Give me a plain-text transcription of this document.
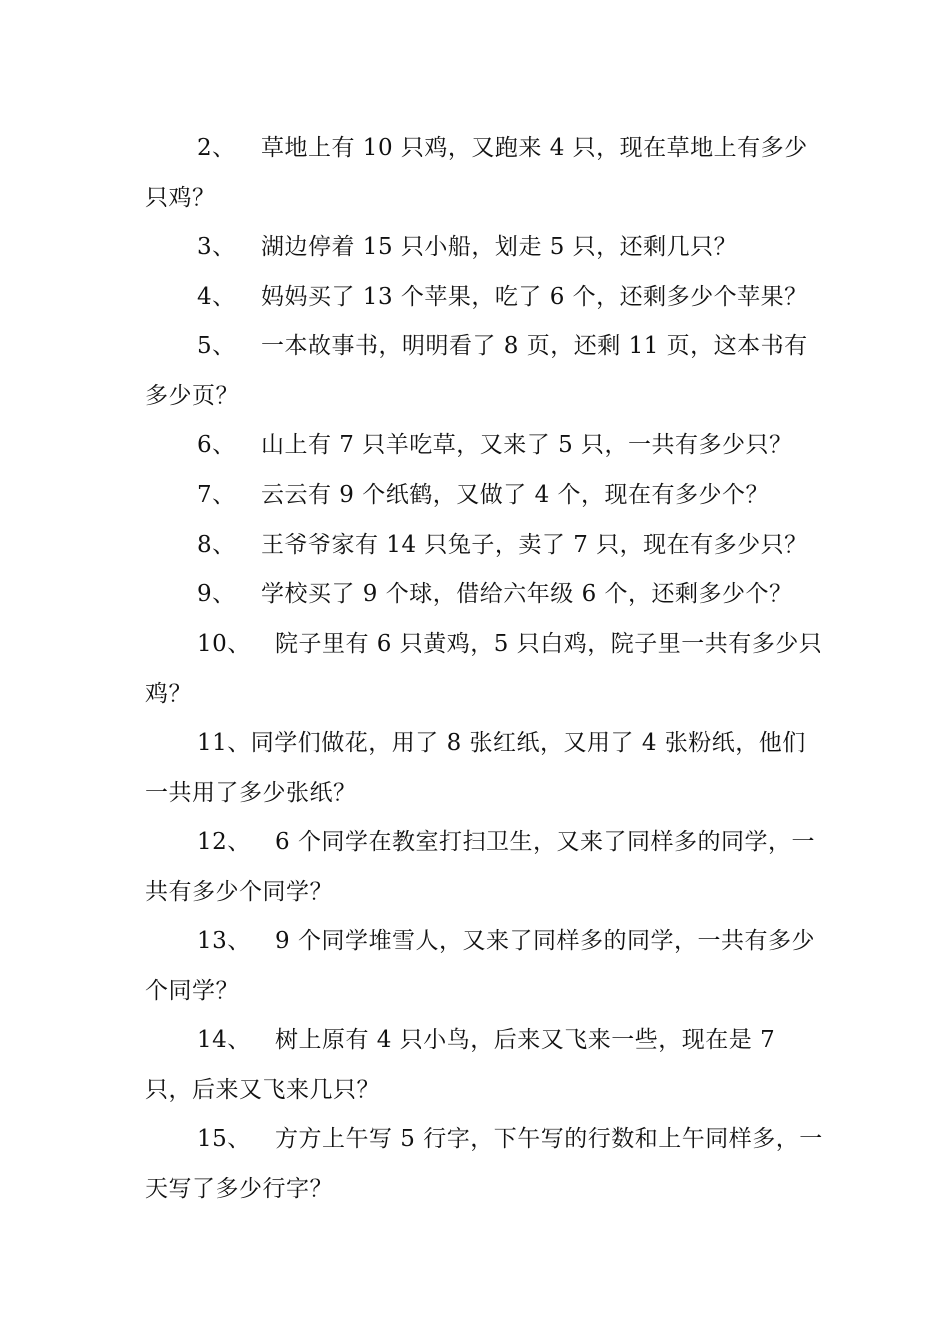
2、 草地上有 10 只鸡，又跑来 4 只，现在草地上有多少只鸡？

3、 湖边停着 15 只小船，划走 5 只，还剩几只？

4、 妈妈买了 13 个苹果，吃了 6 个，还剩多少个苹果？

5、 一本故事书，明明看了 8 页，还剩 11 页，这本书有多少页？

6、 山上有 7 只羊吃草，又来了 5 只，一共有多少只？

7、 云云有 9 个纸鹤，又做了 4 个，现在有多少个？

8、 王爷爷家有 14 只兔子，卖了 7 只，现在有多少只？

9、 学校买了 9 个球，借给六年级 6 个，还剩多少个？

10、 院子里有 6 只黄鸡，5 只白鸡，院子里一共有多少只鸡？

11、同学们做花，用了 8 张红纸，又用了 4 张粉纸，他们一共用了多少张纸？

12、 6 个同学在教室打扫卫生，又来了同样多的同学，一共有多少个同学？

13、 9 个同学堆雪人，又来了同样多的同学，一共有多少个同学？

14、 树上原有 4 只小鸟，后来又飞来一些，现在是 7 只，后来又飞来几只？

15、 方方上午写 5 行字，下午写的行数和上午同样多，一天写了多少行字？
